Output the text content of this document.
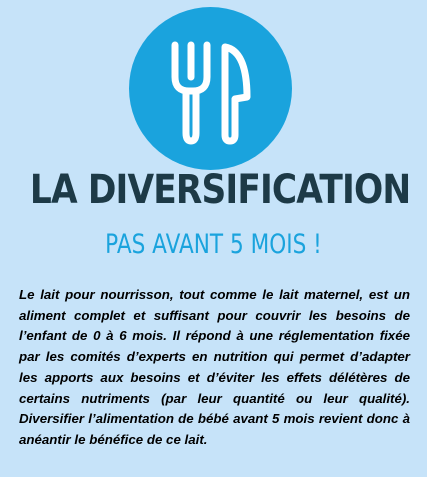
LA DIVERSIFICATION
PAS AVANT 5 MOIS !

Le lait pour nourrisson, tout comme le lait maternel, est un aliment complet et suffisant pour couvrir les besoins de l’enfant de 0 à 6 mois. Il répond à une réglementation fixée par les comités d’experts en nutrition qui permet d’adapter les apports aux besoins et d’éviter les effets délétères de certains nutriments (par leur quantité ou leur qualité). Diversifier l’alimentation de bébé avant 5 mois revient donc à anéantir le bénéfice de ce lait.
